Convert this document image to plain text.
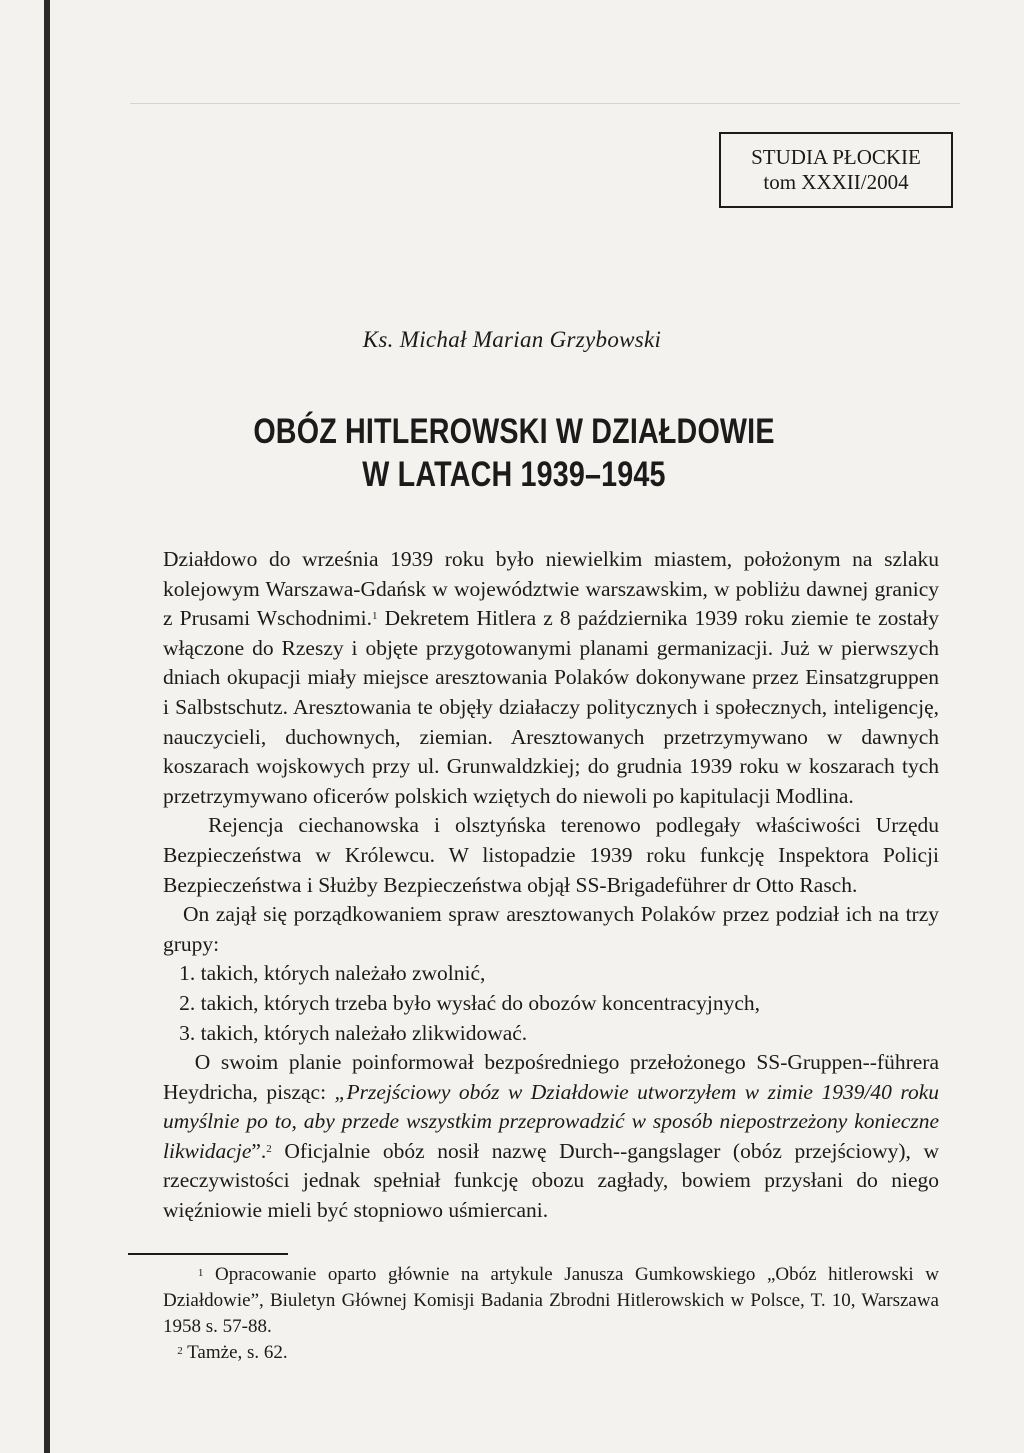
STUDIA PŁOCKIE
tom XXXII/2004
Ks. Michał Marian Grzybowski
OBÓZ HITLEROWSKI W DZIAŁDOWIE
W LATACH 1939–1945

Działdowo do września 1939 roku było niewielkim miastem, położonym na szlaku kolejowym Warszawa-Gdańsk w województwie warszawskim, w pobliżu dawnej granicy z Prusami Wschodnimi.$^1$ Dekretem Hitlera z 8 października 1939 roku ziemie te zostały włączone do Rzeszy i objęte przygotowanymi planami germanizacji. Już w pierwszych dniach okupacji miały miejsce aresztowania Polaków dokonywane przez Einsatzgruppen i Salbstschutz. Aresztowania te objęły działaczy politycznych i społecznych, inteligencję, nauczycieli, duchownych, ziemian. Aresztowanych przetrzymywano w dawnych koszarach wojskowych przy ul. Grunwaldzkiej; do grudnia 1939 roku w koszarach tych przetrzymywano oficerów polskich wziętych do niewoli po kapitulacji Modlina.

Rejencja ciechanowska i olsztyńska terenowo podlegały właściwości Urzędu Bezpieczeństwa w Królewcu. W listopadzie 1939 roku funkcję Inspektora Policji Bezpieczeństwa i Służby Bezpieczeństwa objął SS-Brigadeführer dr Otto Rasch.

On zajął się porządkowaniem spraw aresztowanych Polaków przez podział ich na trzy grupy:

1. takich, których należało zwolnić,

2. takich, których trzeba było wysłać do obozów koncentracyjnych,

3. takich, których należało zlikwidować.

O swoim planie poinformował bezpośredniego przełożonego SS-Gruppen--führera Heydricha, pisząc: „Przejściowy obóz w Działdowie utworzyłem w zimie 1939/40 roku umyślnie po to, aby przede wszystkim przeprowadzić w sposób niepostrzeżony konieczne likwidacje”.$^2$ Oficjalnie obóz nosił nazwę Durch--gangslager (obóz przejściowy), w rzeczywistości jednak spełniał funkcję obozu zagłady, bowiem przysłani do niego więźniowie mieli być stopniowo uśmiercani.

$^1$ Opracowanie oparto głównie na artykule Janusza Gumkowskiego „Obóz hitlerowski w Działdowie”, Biuletyn Głównej Komisji Badania Zbrodni Hitlerowskich w Polsce, T. 10, Warszawa 1958 s. 57-88.

$^2$ Tamże, s. 62.
